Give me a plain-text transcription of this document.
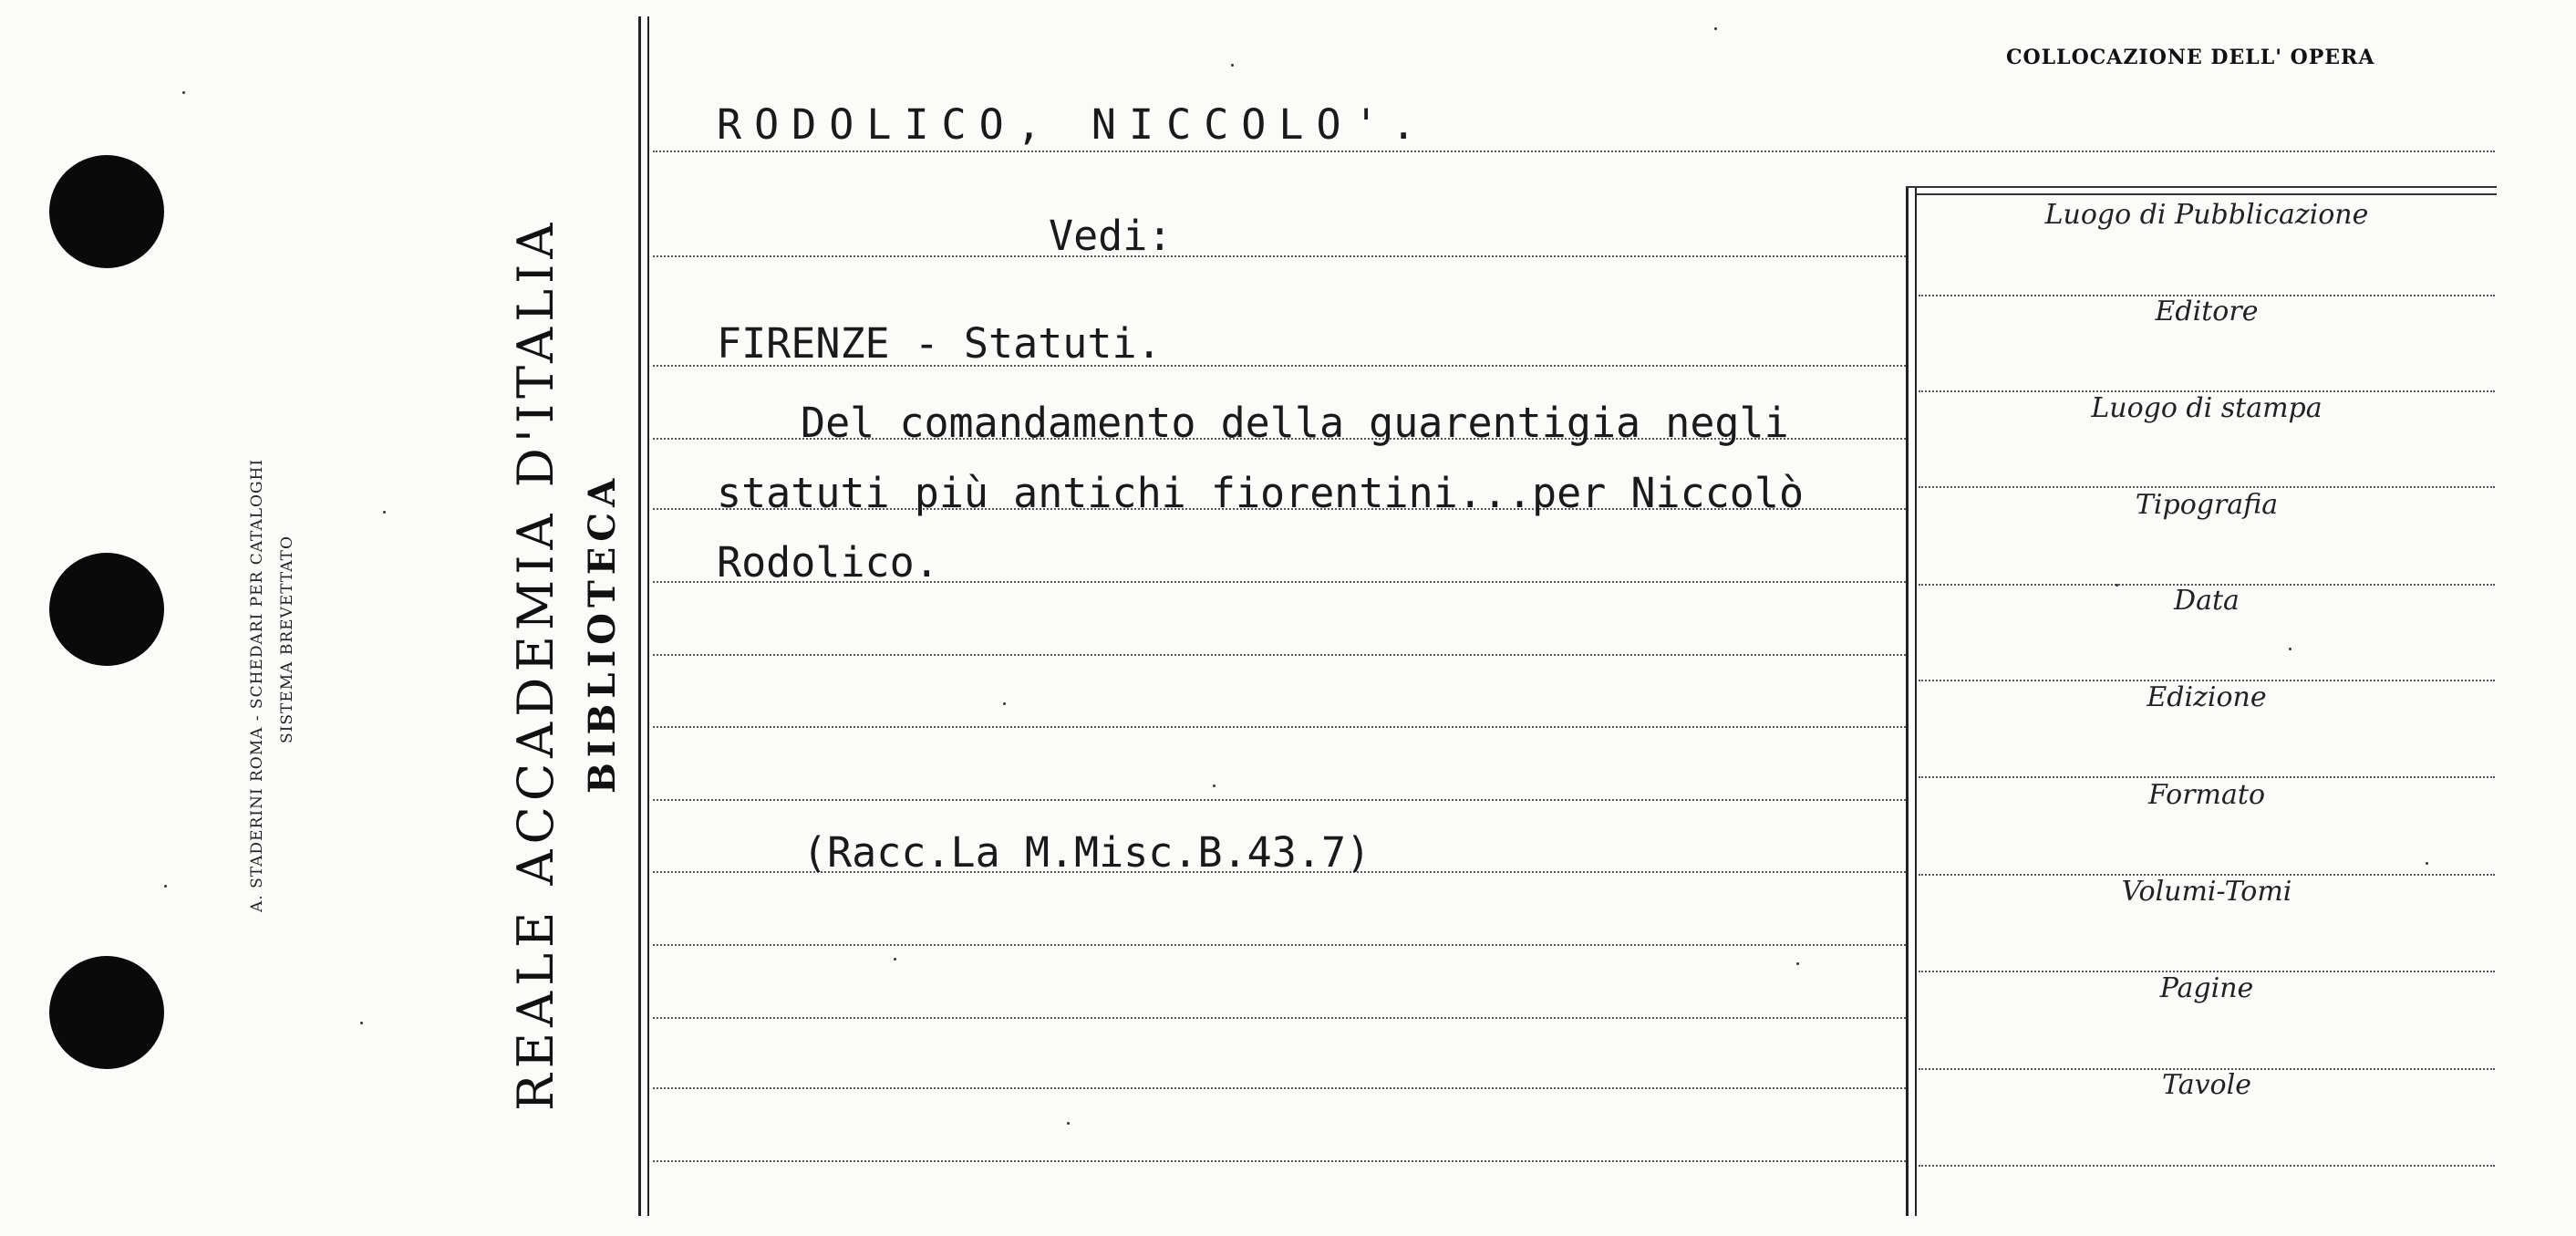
A. STADERINI ROMA - SCHEDARI PER CATALOGHI SISTEMA BREVETTATO	REALE ACCADEMIA D'ITALIA BIBLIOTECA
COLLOCAZIONE DELL' OPERA
RODOLICO, NICCOLO'.
Vedi:
FIRENZE - Statuti.
Del comandamento della guarentigia negli
statuti più antichi fiorentini...per Niccolò
Rodolico.
(Racc.La M.Misc.B.43.7)
Luogo di Pubblicazione
Editore
Luogo di stampa
Tipografia
Data
Edizione
Formato
Volumi-Tomi
Pagine
Tavole
